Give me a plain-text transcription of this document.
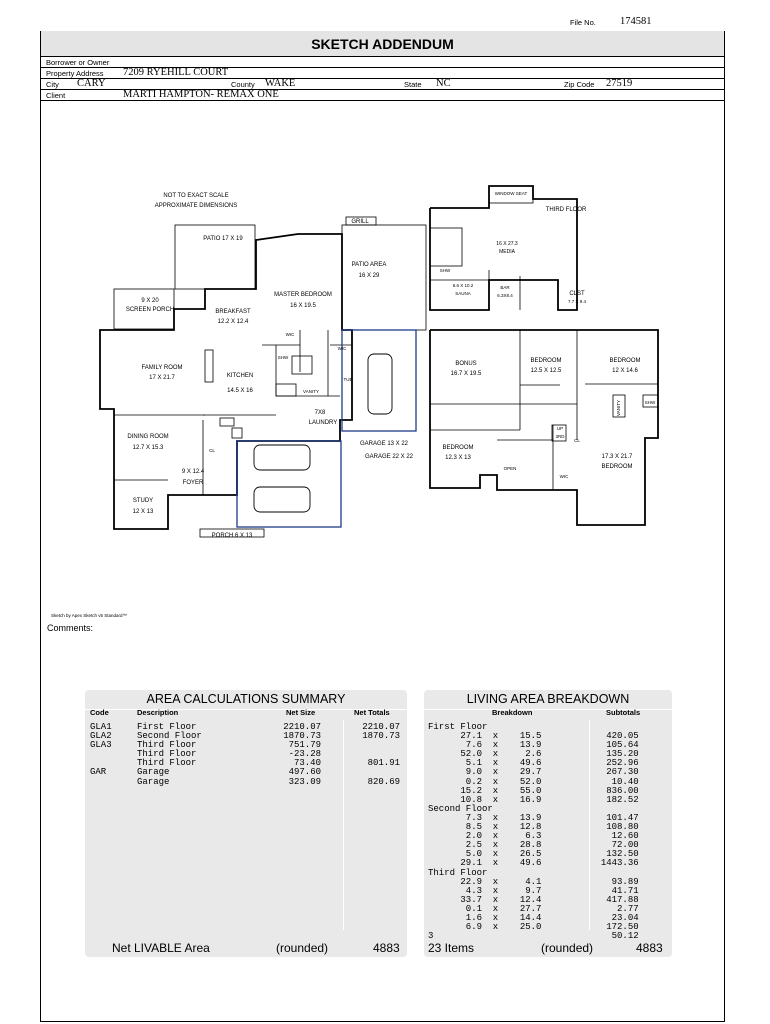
File No. 174581
SKETCH ADDENDUM
Borrower or Owner
Property Address 7209 RYEHILL COURT
City CARY	County WAKE	State NC	Zip Code 27519
Client	MARTI HAMPTON- REMAX ONE
NOT TO EXACT SCALE
APPROXIMATE DIMENSIONS
PATIO 17 X 19
GRILL
PATIO AREA
16 X 29
9 X 20
SCREEN PORCH	BREAKFAST
12.2 X 12.4
MASTER BEDROOM
16 X 19.5
FAMILY ROOM
17 X 21.7	KITCHEN
14.5 X 16
WIC
WIC
SHW
TUB
VANITY
7X8
LAUNDRY
DINING ROOM
12.7 X 15.3	CL
9 X 12.4
FOYER
STUDY
12 X 13
GARAGE 13 X 22
GARAGE 22 X 22
PORCH 6 X 13
WINDOW SEAT
THIRD FLOOR
16 X 27.3
MEDIA
SHW
6.6 X 10.2
SAUNA
BAR
6.3X8.4	CLST
7.7 X 9.4
BONUS
16.7 X 19.5
BEDROOM
12.5 X 12.5
BEDROOM
12 X 14.6
VANITY	SHW
UP
3RD
CL
BEDROOM
12.3 X 13
OPEN
WIC
17.3 X 21.7
BEDROOM
Sketch by Apex Sketch v5 Standard™
Comments:
AREA CALCULATIONS SUMMARY
Code	Description	Net Size	Net Totals
GLA1	First Floor	2210.07	2210.07
GLA2	Second Floor	1870.73	1870.73
GLA3	Third Floor	751.79
Third Floor	-23.28
Third Floor	73.40	801.91
GAR	Garage	497.60
Garage	323.09	820.69
Net LIVABLE Area	(rounded)	4883
LIVING AREA BREAKDOWN
Breakdown	Subtotals
First Floor
27.1  x    15.5            420.05
7.6  x    13.9            105.64
52.0  x     2.6            135.20
5.1  x    49.6            252.96
9.0  x    29.7            267.30
0.2  x    52.0             10.40
15.2  x    55.0            836.00
10.8  x    16.9            182.52
Second Floor
7.3  x    13.9            101.47
8.5  x    12.8            108.80
2.0  x     6.3             12.60
2.5  x    28.8             72.00
5.0  x    26.5            132.50
29.1  x    49.6           1443.36
Third Floor
22.9  x     4.1             93.89
4.3  x     9.7             41.71
33.7  x    12.4            417.88
0.1  x    27.7              2.77
1.6  x    14.4             23.04
6.9  x    25.0            172.50
3                                 50.12
23 Items	(rounded)	4883
